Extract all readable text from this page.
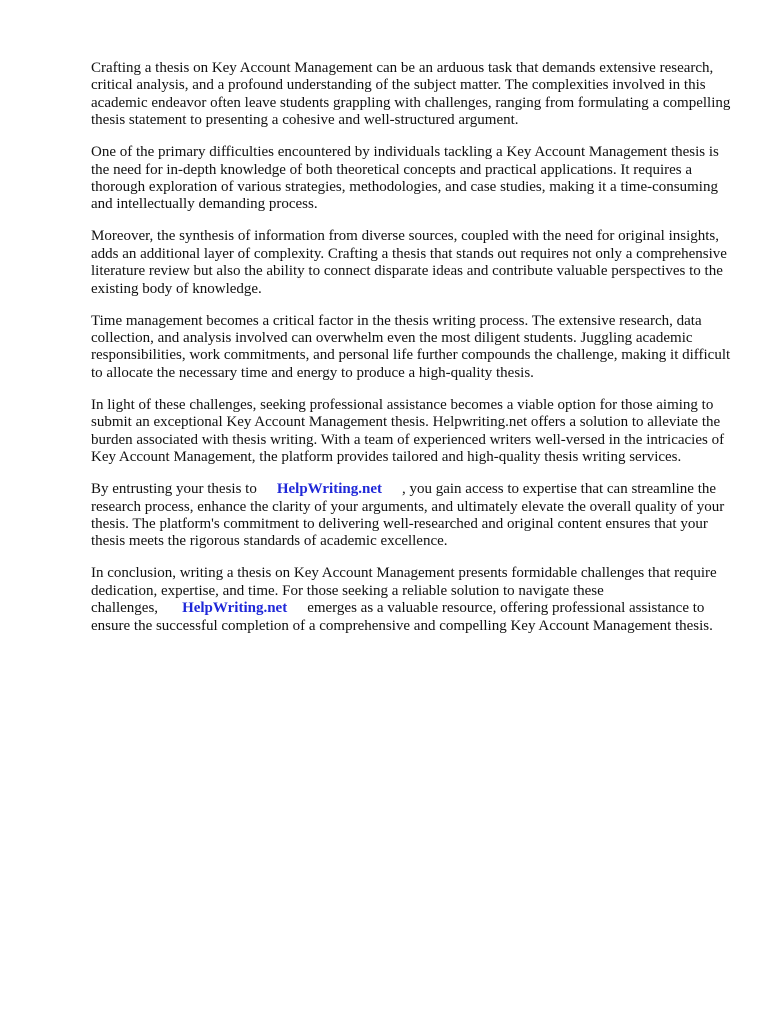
Crafting a thesis on Key Account Management can be an arduous task that demands extensive research, critical analysis, and a profound understanding of the subject matter. The complexities involved in this academic endeavor often leave students grappling with challenges, ranging from formulating a compelling thesis statement to presenting a cohesive and well-structured argument.

One of the primary difficulties encountered by individuals tackling a Key Account Management thesis is the need for in-depth knowledge of both theoretical concepts and practical applications. It requires a thorough exploration of various strategies, methodologies, and case studies, making it a time-consuming and intellectually demanding process.

Moreover, the synthesis of information from diverse sources, coupled with the need for original insights, adds an additional layer of complexity. Crafting a thesis that stands out requires not only a comprehensive literature review but also the ability to connect disparate ideas and contribute valuable perspectives to the existing body of knowledge.

Time management becomes a critical factor in the thesis writing process. The extensive research, data collection, and analysis involved can overwhelm even the most diligent students. Juggling academic responsibilities, work commitments, and personal life further compounds the challenge, making it difficult to allocate the necessary time and energy to produce a high-quality thesis.

In light of these challenges, seeking professional assistance becomes a viable option for those aiming to submit an exceptional Key Account Management thesis. Helpwriting.net offers a solution to alleviate the burden associated with thesis writing. With a team of experienced writers well-versed in the intricacies of Key Account Management, the platform provides tailored and high-quality thesis writing services.

By entrusting your thesis to HelpWriting.net , you gain access to expertise that can streamline the research process, enhance the clarity of your arguments, and ultimately elevate the overall quality of your thesis. The platform's commitment to delivering well-researched and original content ensures that your thesis meets the rigorous standards of academic excellence.

In conclusion, writing a thesis on Key Account Management presents formidable challenges that require dedication, expertise, and time. For those seeking a reliable solution to navigate these challenges, HelpWriting.net emerges as a valuable resource, offering professional assistance to ensure the successful completion of a comprehensive and compelling Key Account Management thesis.
